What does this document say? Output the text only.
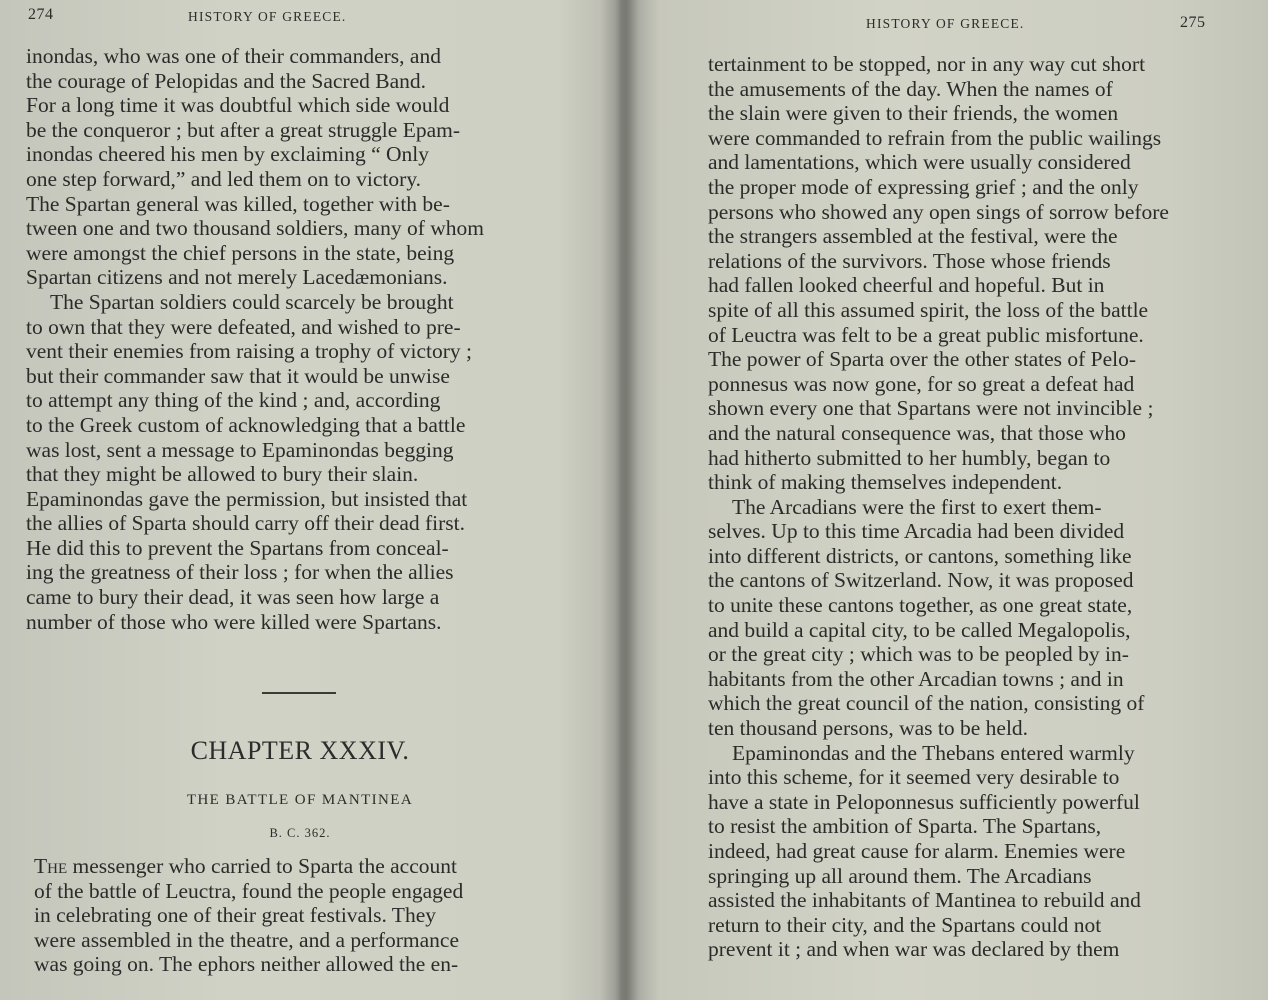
274	HISTORY OF GREECE.
inondas, who was one of their commanders, and
the courage of Pelopidas and the Sacred Band.
For a long time it was doubtful which side would
be the conqueror ; but after a great struggle Epam-
inondas cheered his men by exclaiming “ Only
one step forward,” and led them on to victory.
The Spartan general was killed, together with be-
tween one and two thousand soldiers, many of whom
were amongst the chief persons in the state, being
Spartan citizens and not merely Lacedæmonians.
The Spartan soldiers could scarcely be brought
to own that they were defeated, and wished to pre-
vent their enemies from raising a trophy of victory ;
but their commander saw that it would be unwise
to attempt any thing of the kind ; and, according
to the Greek custom of acknowledging that a battle
was lost, sent a message to Epaminondas begging
that they might be allowed to bury their slain.
Epaminondas gave the permission, but insisted that
the allies of Sparta should carry off their dead first.
He did this to prevent the Spartans from conceal-
ing the greatness of their loss ; for when the allies
came to bury their dead, it was seen how large a
number of those who were killed were Spartans.
CHAPTER XXXIV.
THE BATTLE OF MANTINEA
B. C. 362.
The messenger who carried to Sparta the account
of the battle of Leuctra, found the people engaged
in celebrating one of their great festivals. They
were assembled in the theatre, and a performance
was going on. The ephors neither allowed the en-
HISTORY OF GREECE.	275
tertainment to be stopped, nor in any way cut short
the amusements of the day. When the names of
the slain were given to their friends, the women
were commanded to refrain from the public wailings
and lamentations, which were usually considered
the proper mode of expressing grief ; and the only
persons who showed any open sings of sorrow before
the strangers assembled at the festival, were the
relations of the survivors. Those whose friends
had fallen looked cheerful and hopeful. But in
spite of all this assumed spirit, the loss of the battle
of Leuctra was felt to be a great public misfortune.
The power of Sparta over the other states of Pelo-
ponnesus was now gone, for so great a defeat had
shown every one that Spartans were not invincible ;
and the natural consequence was, that those who
had hitherto submitted to her humbly, began to
think of making themselves independent.
The Arcadians were the first to exert them-
selves. Up to this time Arcadia had been divided
into different districts, or cantons, something like
the cantons of Switzerland. Now, it was proposed
to unite these cantons together, as one great state,
and build a capital city, to be called Megalopolis,
or the great city ; which was to be peopled by in-
habitants from the other Arcadian towns ; and in
which the great council of the nation, consisting of
ten thousand persons, was to be held.
Epaminondas and the Thebans entered warmly
into this scheme, for it seemed very desirable to
have a state in Peloponnesus sufficiently powerful
to resist the ambition of Sparta. The Spartans,
indeed, had great cause for alarm. Enemies were
springing up all around them. The Arcadians
assisted the inhabitants of Mantinea to rebuild and
return to their city, and the Spartans could not
prevent it ; and when war was declared by them
